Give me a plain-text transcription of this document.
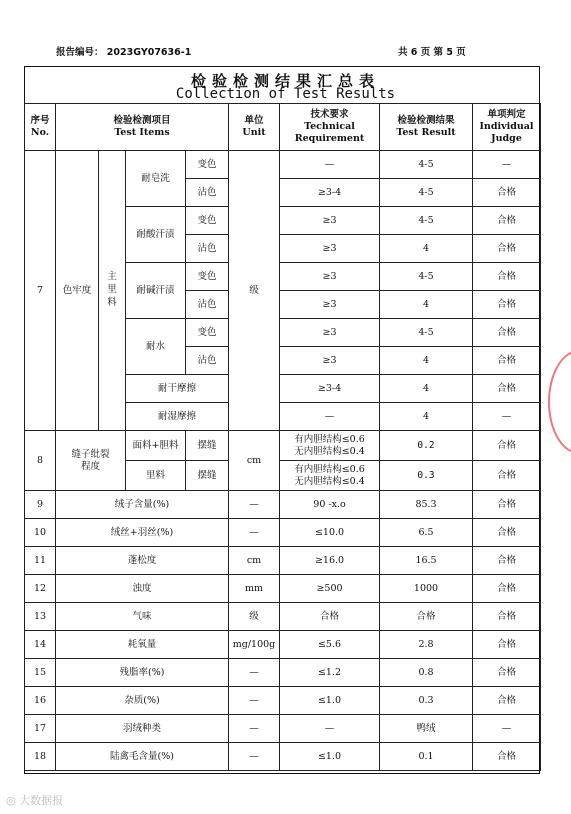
报告编号： 2023GY07636-1	共 6 页 第 5 页
检验检测结果汇总表
Collection of Test Results
序号
No.	检验检测项目
Test Items				单位
Unit	技术要求
Technical
Requirement	检验检测结果
Test Result	单项判定
Individual
Judge
7	色牢度	主
里
料	耐皂洗	变色	级	—	4-5	—
				沾色		≥3-4	4-5	合格
			耐酸汗渍	变色		≥3	4-5	合格
				沾色		≥3	4	合格
			耐碱汗渍	变色		≥3	4-5	合格
				沾色		≥3	4	合格
			耐水	变色		≥3	4-5	合格
				沾色		≥3	4	合格
			耐干摩擦			≥3-4	4	合格
			耐湿摩擦			—	4	—
8	缝子纰裂
程度		面料+胆料	摆缝	cm	有内胆结构≤0.6
无内胆结构≤0.4	0.2	合格
			里料	摆缝		有内胆结构≤0.6
无内胆结构≤0.4	0.3	合格
9	绒子含量(%)				—	90 -x.o	85.3	合格
10	绒丝+羽丝(%)				—	≤10.0	6.5	合格
11	蓬松度				cm	≥16.0	16.5	合格
12	浊度				mm	≥500	1000	合格
13	气味				级	合格	合格	合格
14	耗氧量				mg/100g	≤5.6	2.8	合格
15	残脂率(%)				—	≤1.2	0.8	合格
16	杂质(%)				—	≤1.0	0.3	合格
17	羽绒种类				—	—	鸭绒	—
18	陆禽毛含量(%)				—	≤1.0	0.1	合格
◎ 大数据报
